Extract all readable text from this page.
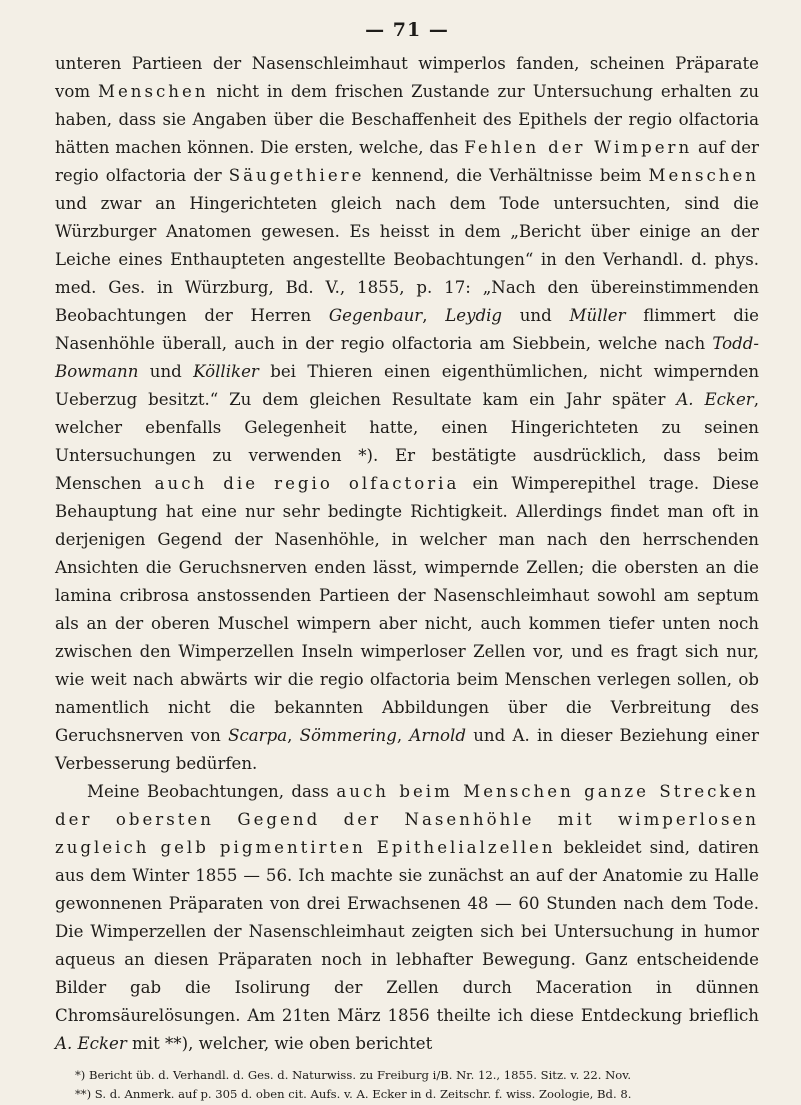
— 71 —

unteren Partieen der Nasenschleimhaut wimperlos fanden, scheinen Präparate vom Menschen nicht in dem frischen Zustande zur Untersuchung erhalten zu haben, dass sie Angaben über die Beschaffenheit des Epithels der regio olfactoria hätten machen können. Die ersten, welche, das Fehlen der Wimpern auf der regio olfactoria der Säugethiere kennend, die Verhältnisse beim Menschen und zwar an Hingerichteten gleich nach dem Tode untersuchten, sind die Würzburger Anatomen gewesen. Es heisst in dem „Bericht über einige an der Leiche eines Enthaupteten angestellte Beobachtungen“ in den Verhandl. d. phys. med. Ges. in Würzburg, Bd. V., 1855, p. 17: „Nach den übereinstimmenden Beobachtungen der Herren Gegenbaur, Leydig und Müller flimmert die Nasenhöhle überall, auch in der regio olfactoria am Siebbein, welche nach Todd-Bowmann und Kölliker bei Thieren einen eigenthümlichen, nicht wimpernden Ueberzug besitzt.“ Zu dem gleichen Resultate kam ein Jahr später A. Ecker, welcher ebenfalls Gelegenheit hatte, einen Hingerichteten zu seinen Untersuchungen zu verwenden *). Er bestätigte ausdrücklich, dass beim Menschen auch die regio olfactoria ein Wimperepithel trage. Diese Behauptung hat eine nur sehr bedingte Richtigkeit. Allerdings findet man oft in derjenigen Gegend der Nasenhöhle, in welcher man nach den herrschenden Ansichten die Geruchsnerven enden lässt, wimpernde Zellen; die obersten an die lamina cribrosa anstossenden Partieen der Nasenschleimhaut sowohl am septum als an der oberen Muschel wimpern aber nicht, auch kommen tiefer unten noch zwischen den Wimperzellen Inseln wimperloser Zellen vor, und es fragt sich nur, wie weit nach abwärts wir die regio olfactoria beim Menschen verlegen sollen, ob namentlich nicht die bekannten Abbildungen über die Verbreitung des Geruchsnerven von Scarpa, Sömmering, Arnold und A. in dieser Beziehung einer Verbesserung bedürfen.

Meine Beobachtungen, dass auch beim Menschen ganze Strecken der obersten Gegend der Nasenhöhle mit wimperlosen zugleich gelb pigmentirten Epithelialzellen bekleidet sind, datiren aus dem Winter 1855 — 56. Ich machte sie zunächst an auf der Anatomie zu Halle gewonnenen Präparaten von drei Erwachsenen 48 — 60 Stunden nach dem Tode. Die Wimperzellen der Nasenschleimhaut zeigten sich bei Untersuchung in humor aqueus an diesen Präparaten noch in lebhafter Bewegung. Ganz entscheidende Bilder gab die Isolirung der Zellen durch Maceration in dünnen Chromsäurelösungen. Am 21ten März 1856 theilte ich diese Entdeckung brieflich A. Ecker mit **), welcher, wie oben berichtet

*) Bericht üb. d. Verhandl. d. Ges. d. Naturwiss. zu Freiburg i/B. Nr. 12., 1855. Sitz. v. 22. Nov.
**) S. d. Anmerk. auf p. 305 d. oben cit. Aufs. v. A. Ecker in d. Zeitschr. f. wiss. Zoologie, Bd. 8.
